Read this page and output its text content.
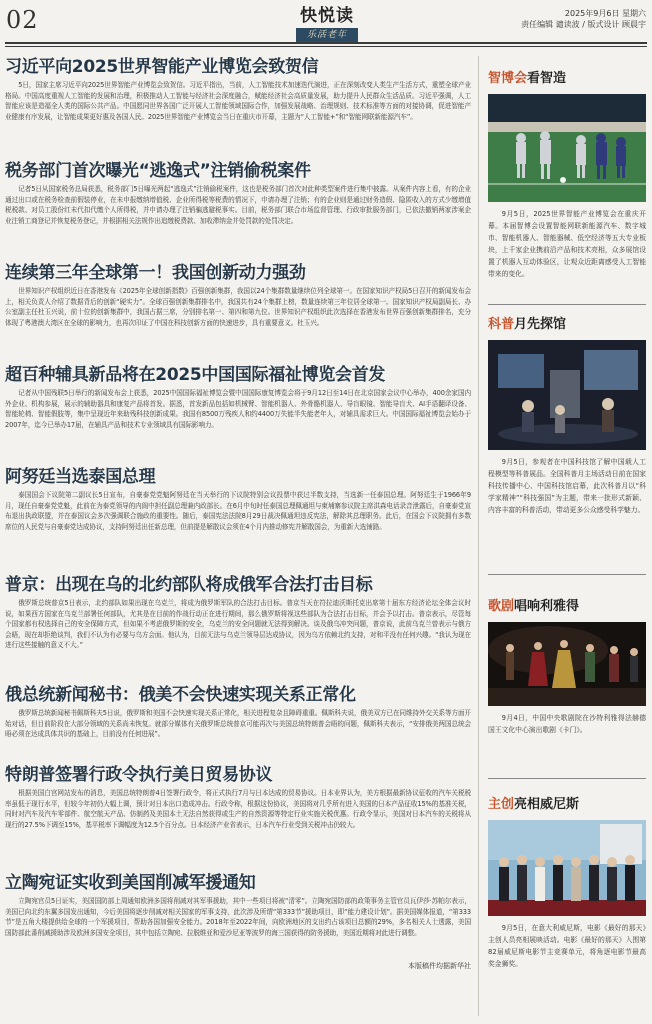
02	快悦读
乐活老年
2025年9月6日 星期六
责任编辑 谴读波 / 版式设计 顾晨宇
习近平向2025世界智能产业博览会致贺信
5日，国家主席习近平向2025世界智能产业博览会致贺信。习近平指出，当前，人工智能技术加速迭代演进，正在深刻改变人类生产生活方式，重塑全球产业格局。中国高度重视人工智能的发展和治理，积极推动人工智能与经济社会深度融合，赋能经济社会高质量发展，助力提升人民群众生活品质。习近平强调，人工智能应该是造福全人类的国际公共产品。中国愿同世界各国广泛开展人工智能领域国际合作，加强发展战略、治理规则、技术标准等方面的对接协调，促进智能产业健康有序发展，让智能成果更好惠及各国人民。2025世界智能产业博览会当日在重庆市开幕，主题为“人工智能+”和“智能网联新能源汽车”。
税务部门首次曝光“逃逸式”注销偷税案件
记者5日从国家税务总局获悉，税务部门5日曝光两起“逃逸式”注销偷税案件，这也是税务部门首次对此种类型案件进行集中披露。从案件内容上看，有的企业通过出口或在税务检查前假装停业，在未申报缴纳增值税、企业所得税等税费的情况下，申请办理了注销；有的企业则是通过财务造假、隐匿收入的方式少缴增值税税款、对员工股份红未代扣代缴个人所得税，并申请办理了注销骗逃避税事实。目前，税务部门联合市场监督管理、行政审批服务部门，已依法撤销两家涉案企业注销工商登记并恢复税务登记，并根据相关法规作出追缴税费款、加收滞纳金并处罚款的处罚决定。
连续第三年全球第一！我国创新动力强劲
世界知识产权组织近日在香港发布《2025年全球创新指数》百强创新集群，我国以24个集群数量继续位列全球第一。在国家知识产权局5日召开的新闻发布会上，相关负责人介绍了数据背后的创新“硬实力”。全球百强创新集群排名中，我国共有24个集群上榜，数量连续第三年位居全球第一。国家知识产权局副局长、办公室副主任杜玉兴说，前十位的创新集群中，我国占据三席，分别排名第一、第四和第九位。世界知识产权组织此次选择在香港发布世界百强创新集群排名，充分体现了粤港澳大湾区在全球的影响力，也再次印证了中国在科技创新方面的快速进步，具有重要意义。杜玉兴。
超百种辅具新品将在2025中国国际福祉博览会首发
记者从中国残联5日举行的新闻发布会上获悉，2025中国国际福祉博览会暨中国国际康复博览会将于9月12日至14日在北京国家会议中心举办，400余家国内外企业、机构参展，展示的辅助器具和康复产品将首发。据悉，首发新品包括如机械臂、智能机器人、外骨骼机器人、导盲眼镜、智能导盲犬、AI手语翻译设备、智能轮椅、智能假肢等，集中呈现近年来助残科技创新成果。我国有8500万残疾人和约4400万失能半失能老年人，对辅具需求巨大。中国国际福祉博览会始办于2007年，迄今已举办17届，在辅具产品和技术专业领域具有国际影响力。
阿努廷当选泰国总理
泰国国会下议院第二副议长5日宣布，自豪泰党党魁阿努廷在当天举行的下议院特别会议投票中获过半数支持，当选新一任泰国总理。阿努廷生于1966年9月，现任自豪泰党党魁，此前在为泰党领导的内阁中担任副总理兼内政部长。在6月中旬时任泰国总理佩通坦与柬埔寨参议院主席洪森电话录音泄露后，自豪泰党宣布退出执政联盟，并在泰国议会多次强调联合施政的重要性。随后，泰国宪法法院8月29日裁决佩通坦违反宪法，解除其总理职务。此后，在国会下议院拥有多数席位的人民党与自豪泰党达成协议，支持阿努廷出任新总理，但前提是解散议会须在4个月内推动修宪并解散国会，为重新大选铺路。
普京：出现在乌的北约部队将成俄军合法打击目标
俄罗斯总统普京5日表示，北约部队如果出现在乌克兰，将成为俄罗斯军队的合法打击目标。普京当天在符拉迪沃斯托克出席第十届东方经济论坛全体会议时说，如果西方国家在乌克兰部署任何部队，尤其是在目前的作战行动正在进行期间，那么俄罗斯将视这些部队为合法打击目标，并会予以打击。普京表示，尽管每个国家都有权选择自己的安全保障方式，但如果不考虑俄罗斯的安全，乌克兰的安全问题就无法得到解决。谈及俄乌冲突问题，普京说，此前乌克兰曾表示与俄方会晤，现在却拒绝谈判，我们不认为有必要与乌方会面。他认为，目前无法与乌克兰领导层达成协议，因为乌方依赖北约支持，对和平没有任何兴趣。“我认为现在进行这些接触的意义不大。”
俄总统新闻秘书：俄美不会快速实现关系正常化
俄罗斯总统新闻秘书佩斯科夫5日说，俄罗斯和美国不会快速实现关系正常化，相关进程复杂且障碍重重。佩斯科夫说，俄美双方已在同维持外交关系等方面开始对话，但目前阶段在大部分领域的关系尚未恢复。就部分媒体有关俄罗斯总统普京可能再次与美国总统特朗普会晤的问题，佩斯科夫表示，“安排俄美两国总统会晤必须在达成具体共识的基础上，目前没有任何进展”。
特朗普签署行政令执行美日贸易协议
根据美国白宫网站发布的消息，美国总统特朗普4日签署行政令，将正式执行7月与日本达成的贸易协议。日本业界认为，美方根据最新协议征收的汽车关税税率虽低于现行水平，但较今年初仍大幅上调，预计对日本出口造成冲击。行政令称，根据这份协议，美国将对几乎所有进入美国的日本产品征收15%的基准关税，同时对汽车及汽车零部件、航空航天产品、仿制药及美国本土无法自然获得或生产的自然资源等特定行业实施关税优惠。行政令显示，美国对日本汽车的关税将从现行的27.5%下调至15%，基平税率下调幅度为12.5个百分点。日本经济产业省表示，日本汽车行业受到关税冲击仍较大。
立陶宛证实收到美国削减军援通知
立陶宛官员5日证实，美国国防部上周通知欧洲多国将削减对其军事援助，其中一些项目将被“清零”。立陶宛国防部的政策事务主管官员瓦伊莎·苏帕尔表示，美国已向北约东翼多国发出通知，今后美国将逐步削减对相关国家的军事支持，此次涉及所谓“第333节”援助项目，即“能力建设计划”。据美国媒体报道，“第333节”是五角大楼提供给全球的一个军援项目，帮助各国加强安全能力。2018年至2022年间，向欧洲地区的支出约占该项目总额的29%，多名相关人士透露，美国国防部此番削减援助涉及欧洲多国安全项目，其中包括立陶宛、拉脱维亚和爱沙尼亚等波罗的海三国获得的防务援助，美国近期将对此进行调整。
本版稿件均据新华社
智博会看智造
9月5日，2025世界智能产业博览会在重庆开幕。本届智博会设置智能网联新能源汽车、数字城市、智能机器人、智能器械、低空经济等五大专业板块，上千家企业携前沿产品和技术亮相，众多展馆设置了机器人互动体验区，让观众近距离感受人工智能带来的变化。
科普月先探馆
9月5日，参观者在中国科技馆了解中国载人工程模型等科普展品。全国科普月主场活动日前在国家科技传播中心、中国科技馆启幕，此次科普月以“科学家精神”“科技强国”为主题，带来一批形式新颖、内容丰富的科普活动，带动更多公众感受科学魅力。
歌剧唱响利雅得
9月4日，中国中央歌剧院在沙特利雅得法赫德国王文化中心演出歌剧《卡门》。
主创亮相威尼斯
9月5日，在意大利威尼斯，电影《最好的那天》主创人员亮相展映活动。电影《最好的那天》入围第82届威尼斯电影节主竞赛单元，将角逐电影节最高奖金狮奖。
